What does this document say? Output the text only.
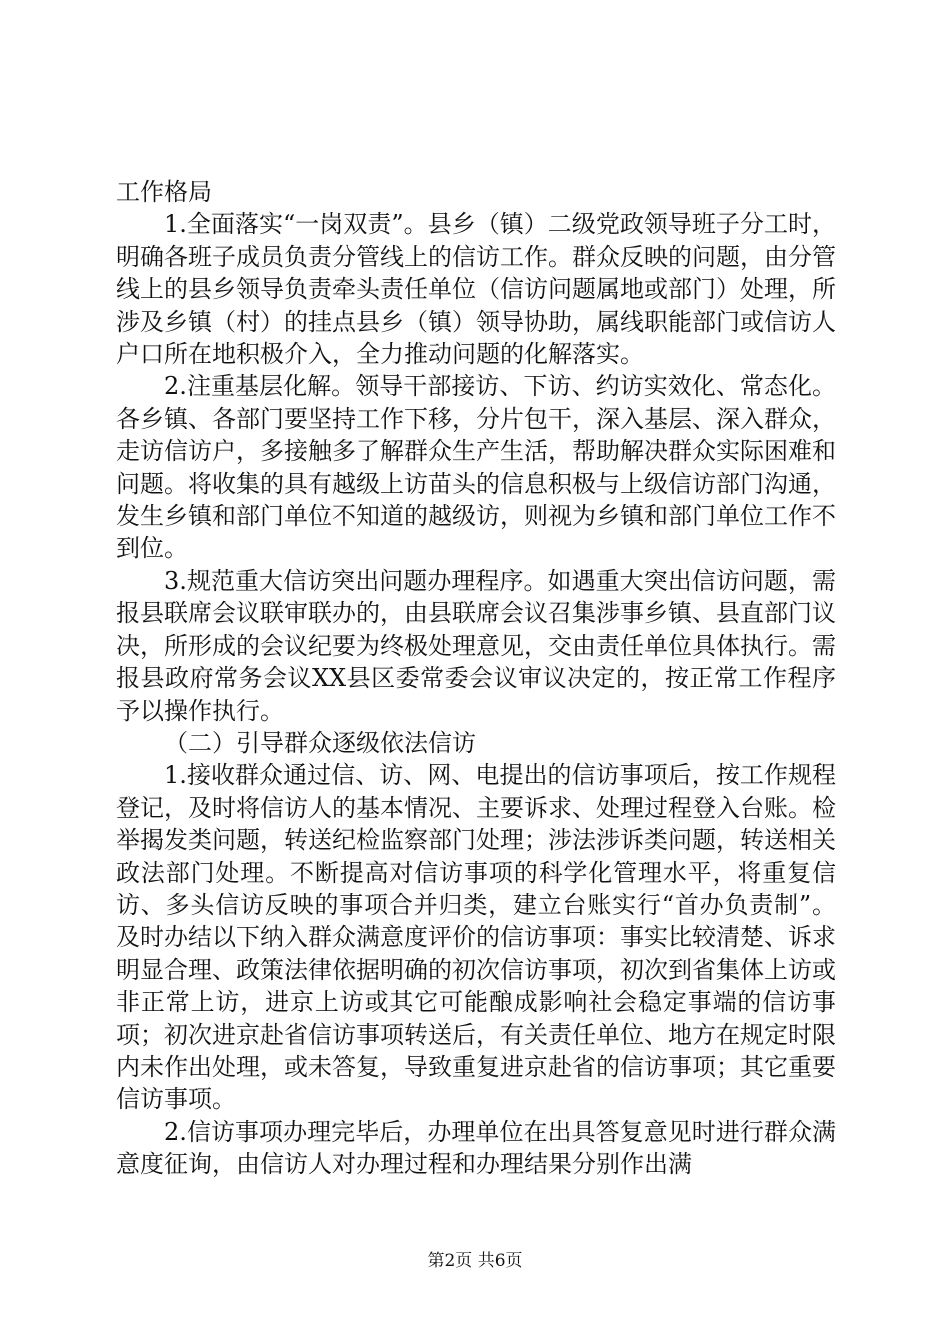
工作格局

1.全面落实“一岗双责”。县乡（镇）二级党政领导班子分工时，明确各班子成员负责分管线上的信访工作。群众反映的问题，由分管线上的县乡领导负责牵头责任单位（信访问题属地或部门）处理，所涉及乡镇（村）的挂点县乡（镇）领导协助，属线职能部门或信访人户口所在地积极介入，全力推动问题的化解落实。

2.注重基层化解。领导干部接访、下访、约访实效化、常态化。各乡镇、各部门要坚持工作下移，分片包干，深入基层、深入群众，走访信访户，多接触多了解群众生产生活，帮助解决群众实际困难和问题。将收集的具有越级上访苗头的信息积极与上级信访部门沟通，发生乡镇和部门单位不知道的越级访，则视为乡镇和部门单位工作不到位。

3.规范重大信访突出问题办理程序。如遇重大突出信访问题，需报县联席会议联审联办的，由县联席会议召集涉事乡镇、县直部门议决，所形成的会议纪要为终极处理意见，交由责任单位具体执行。需报县政府常务会议XX县区委常委会议审议决定的，按正常工作程序予以操作执行。

（二）引导群众逐级依法信访

1.接收群众通过信、访、网、电提出的信访事项后，按工作规程登记，及时将信访人的基本情况、主要诉求、处理过程登入台账。检举揭发类问题，转送纪检监察部门处理；涉法涉诉类问题，转送相关政法部门处理。不断提高对信访事项的科学化管理水平，将重复信访、多头信访反映的事项合并归类，建立台账实行“首办负责制”。及时办结以下纳入群众满意度评价的信访事项：事实比较清楚、诉求明显合理、政策法律依据明确的初次信访事项，初次到省集体上访或非正常上访，进京上访或其它可能酿成影响社会稳定事端的信访事项；初次进京赴省信访事项转送后，有关责任单位、地方在规定时限内未作出处理，或未答复，导致重复进京赴省的信访事项；其它重要信访事项。

2.信访事项办理完毕后，办理单位在出具答复意见时进行群众满意度征询，由信访人对办理过程和办理结果分别作出满

第2页 共6页
